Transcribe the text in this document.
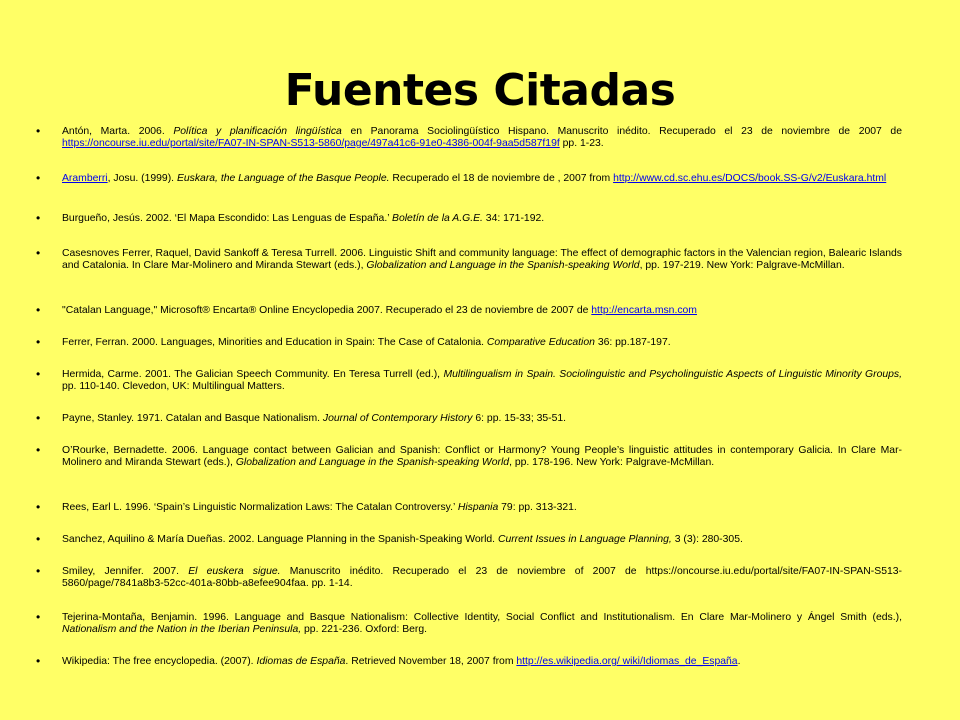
Fuentes Citadas
• Antón, Marta. 2006. Política y planificación lingüística en Panorama Sociolingüístico Hispano. Manuscrito inédito. Recuperado el 23 de noviembre de 2007 de https://oncourse.iu.edu/portal/site/FA07-IN-SPAN-S513-5860/page/497a41c6-91e0-4386-004f-9aa5d587f19f pp. 1-23.
• Aramberri, Josu. (1999). Euskara, the Language of the Basque People. Recuperado el 18 de noviembre de , 2007 from http://www.cd.sc.ehu.es/DOCS/book.SS-G/v2/Euskara.html
• Burgueño, Jesús. 2002. ‘El Mapa Escondido: Las Lenguas de España.’ Boletín de la A.G.E. 34: 171-192.
• Casesnoves Ferrer, Raquel, David Sankoff & Teresa Turrell. 2006. Linguistic Shift and community language: The effect of demographic factors in the Valencian region, Balearic Islands and Catalonia. In Clare Mar-Molinero and Miranda Stewart (eds.), Globalization and Language in the Spanish-speaking World, pp. 197-219. New York: Palgrave-McMillan.
• "Catalan Language," Microsoft® Encarta® Online Encyclopedia 2007. Recuperado el 23 de noviembre de 2007 de http://encarta.msn.com
• Ferrer, Ferran. 2000. Languages, Minorities and Education in Spain: The Case of Catalonia. Comparative Education 36: pp.187-197.
• Hermida, Carme. 2001. The Galician Speech Community. En Teresa Turrell (ed.), Multilingualism in Spain. Sociolinguistic and Psycholinguistic Aspects of Linguistic Minority Groups, pp. 110-140. Clevedon, UK: Multilingual Matters.
• Payne, Stanley. 1971. Catalan and Basque Nationalism. Journal of Contemporary History 6: pp. 15-33; 35-51.
• O’Rourke, Bernadette. 2006. Language contact between Galician and Spanish: Conflict or Harmony? Young People’s linguistic attitudes in contemporary Galicia. In Clare Mar-Molinero and Miranda Stewart (eds.), Globalization and Language in the Spanish-speaking World, pp. 178-196. New York: Palgrave-McMillan.
• Rees, Earl L. 1996. ‘Spain’s Linguistic Normalization Laws: The Catalan Controversy.’ Hispania 79: pp. 313-321.
• Sanchez, Aquilino & María Dueñas. 2002. Language Planning in the Spanish-Speaking World. Current Issues in Language Planning, 3 (3): 280-305.
• Smiley, Jennifer. 2007. El euskera sigue. Manuscrito inédito. Recuperado el 23 de noviembre of 2007 de https://oncourse.iu.edu/portal/site/FA07-IN-SPAN-S513-5860/page/7841a8b3-52cc-401a-80bb-a8efee904faa. pp. 1-14.
• Tejerina-Montaña, Benjamin. 1996. Language and Basque Nationalism: Collective Identity, Social Conflict and Institutionalism. En Clare Mar-Molinero y Ángel Smith (eds.), Nationalism and the Nation in the Iberian Peninsula, pp. 221-236. Oxford: Berg.
• Wikipedia: The free encyclopedia. (2007). Idiomas de España. Retrieved November 18, 2007 from http://es.wikipedia.org/ wiki/Idiomas_de_España.
